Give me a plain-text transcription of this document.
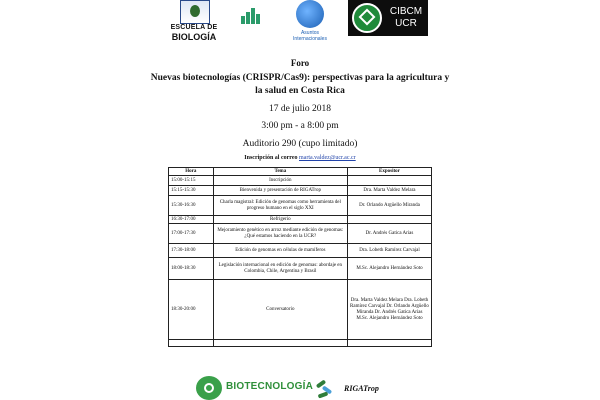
ESCUELA DE
BIOLOGÍA	Asuntos
Internacionales
CIBCM
UCR
Foro
Nuevas biotecnologías (CRISPR/Cas9): perspectivas para la agricultura y la salud en Costa Rica
17 de julio 2018
3:00 pm - a 8:00 pm
Auditorio 290 (cupo limitado)
Inscripción al correo marta.valdez@ucr.ac.cr
Hora	Tema	Expositor
15:00-15:15	Inscripción	
15:15-15:30	Bienvenida y presentación de RIGATrop	Dra. Marta Valdez Melara
15:30-16:30	Charla magistral: Edición de genomas como herramienta del progreso humano en el siglo XXI	Dr. Orlando Argüello Miranda
16:30-17:00	Refrigerio	
17:00-17:30	Mejoramiento genético en arroz mediante edición de genomas: ¿Qué estamos haciendo en la UCR?	Dr. Andrés Gatica Arias
17:30-18:00	Edición de genomas en células de mamíferos	Dra. Lobeth Ramírez Carvajal
18:00-18:30	Legislación internacional en edición de genomas: abordaje en Colombia, Chile, Argentina y Brasil	M.Sc. Alejandro Hernández Soto
18:30-20:00	Conversatorio	Dra. Marta Valdez Melara Dra. Lobeth Ramírez Carvajal Dr. Orlando Argüello Miranda Dr. Andrés Gatica Arias M.Sc. Alejandro Hernández Soto

BIOTECNOLOGÍA	RIGATrop
